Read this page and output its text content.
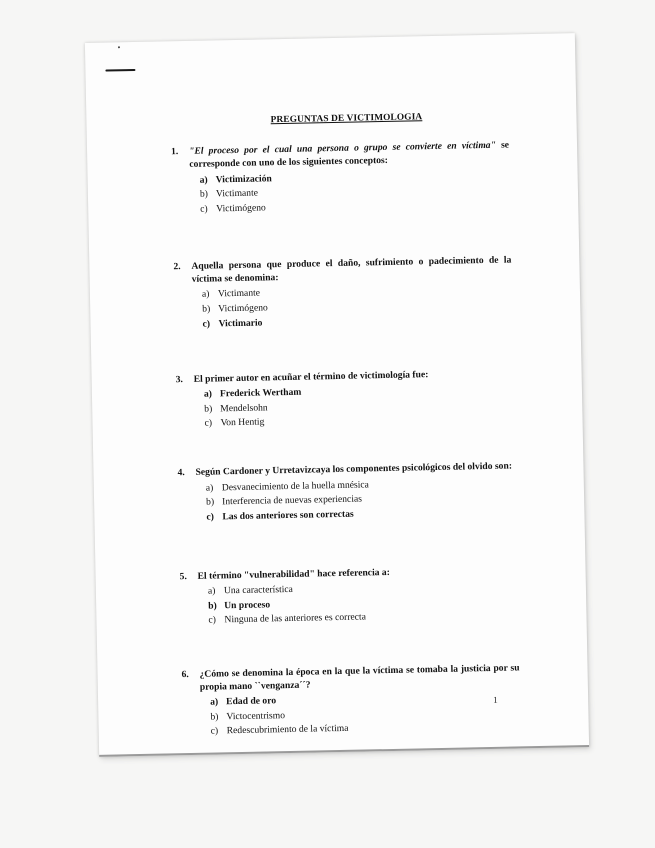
PREGUNTAS DE VICTIMOLOGIA
1.	"El proceso por el cual una persona o grupo se convierte en víctima" se corresponde con uno de los siguientes conceptos:
a) Victimización
b) Victimante
c) Victimógeno
2.	Aquella persona que produce el daño, sufrimiento o padecimiento de la víctima se denomina:
a) Victimante
b) Victimógeno
c) Victimario
3.	El primer autor en acuñar el término de victimología fue:
a) Frederick Wertham
b) Mendelsohn
c) Von Hentig
4.	Según Cardoner y Urretavizcaya los componentes psicológicos del olvido son:
a) Desvanecimiento de la huella mnésica
b) Interferencia de nuevas experiencias
c) Las dos anteriores son correctas
5.	El término "vulnerabilidad" hace referencia a:
a) Una característica
b) Un proceso
c) Ninguna de las anteriores es correcta
6.	¿Cómo se denomina la época en la que la víctima se tomaba la justicia por su propia mano ``venganza´´?
a) Edad de oro
b) Victocentrismo
c) Redescubrimiento de la víctima
1
